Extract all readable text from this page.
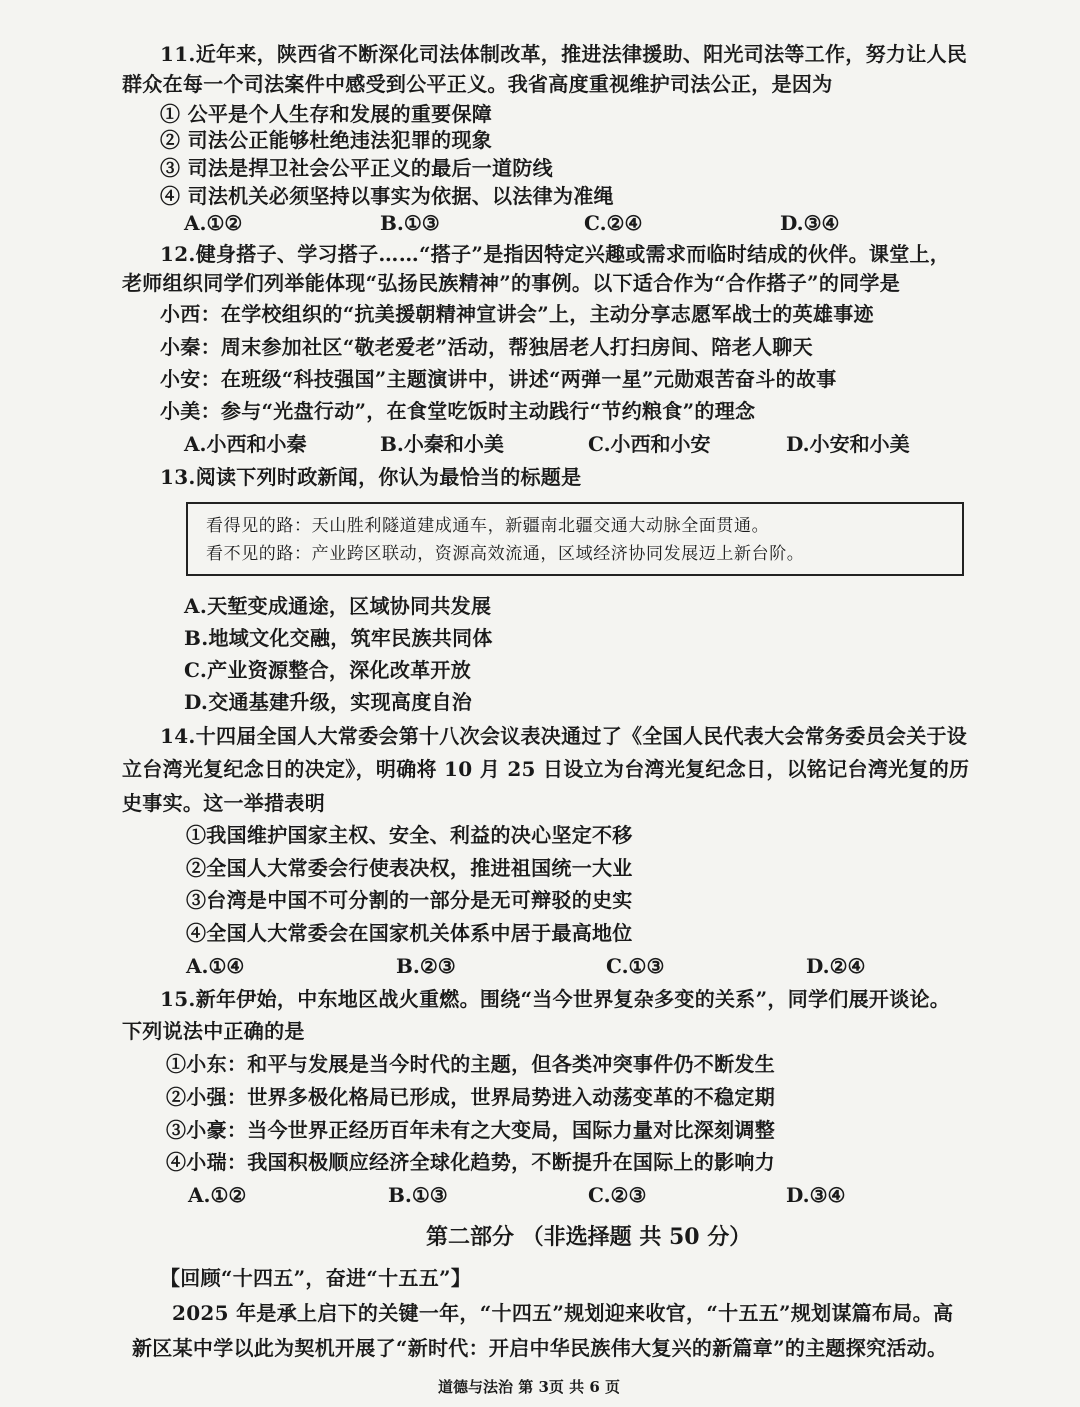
11.近年来，陕西省不断深化司法体制改革，推进法律援助、阳光司法等工作，努力让人民
群众在每一个司法案件中感受到公平正义。我省高度重视维护司法公正，是因为
① 公平是个人生存和发展的重要保障
② 司法公正能够杜绝违法犯罪的现象
③ 司法是捍卫社会公平正义的最后一道防线
④ 司法机关必须坚持以事实为依据、以法律为准绳
A.①②	B.①③	C.②④	D.③④
12.健身搭子、学习搭子……“搭子”是指因特定兴趣或需求而临时结成的伙伴。课堂上，
老师组织同学们列举能体现“弘扬民族精神”的事例。以下适合作为“合作搭子”的同学是
小西：在学校组织的“抗美援朝精神宣讲会”上，主动分享志愿军战士的英雄事迹
小秦：周末参加社区“敬老爱老”活动，帮独居老人打扫房间、陪老人聊天
小安：在班级“科技强国”主题演讲中，讲述“两弹一星”元勋艰苦奋斗的故事
小美：参与“光盘行动”，在食堂吃饭时主动践行“节约粮食”的理念
A.小西和小秦	B.小秦和小美	C.小西和小安	D.小安和小美
13.阅读下列时政新闻，你认为最恰当的标题是
看得见的路：天山胜利隧道建成通车，新疆南北疆交通大动脉全面贯通。
看不见的路：产业跨区联动，资源高效流通，区域经济协同发展迈上新台阶。
A.天堑变成通途，区域协同共发展
B.地域文化交融，筑牢民族共同体
C.产业资源整合，深化改革开放
D.交通基建升级，实现高度自治
14.十四届全国人大常委会第十八次会议表决通过了《全国人民代表大会常务委员会关于设
立台湾光复纪念日的决定》，明确将 10 月 25 日设立为台湾光复纪念日，以铭记台湾光复的历
史事实。这一举措表明
①我国维护国家主权、安全、利益的决心坚定不移
②全国人大常委会行使表决权，推进祖国统一大业
③台湾是中国不可分割的一部分是无可辩驳的史实
④全国人大常委会在国家机关体系中居于最高地位
A.①④	B.②③	C.①③	D.②④
15.新年伊始，中东地区战火重燃。围绕“当今世界复杂多变的关系”，同学们展开谈论。
下列说法中正确的是
①小东：和平与发展是当今时代的主题，但各类冲突事件仍不断发生
②小强：世界多极化格局已形成，世界局势进入动荡变革的不稳定期
③小豪：当今世界正经历百年未有之大变局，国际力量对比深刻调整
④小瑞：我国积极顺应经济全球化趋势，不断提升在国际上的影响力
A.①②	B.①③	C.②③	D.③④
第二部分 （非选择题 共 50 分）
【回顾“十四五”，奋进“十五五”】
2025 年是承上启下的关键一年，“十四五”规划迎来收官，“十五五”规划谋篇布局。高
新区某中学以此为契机开展了“新时代：开启中华民族伟大复兴的新篇章”的主题探究活动。
道德与法治 第 3页 共 6 页
